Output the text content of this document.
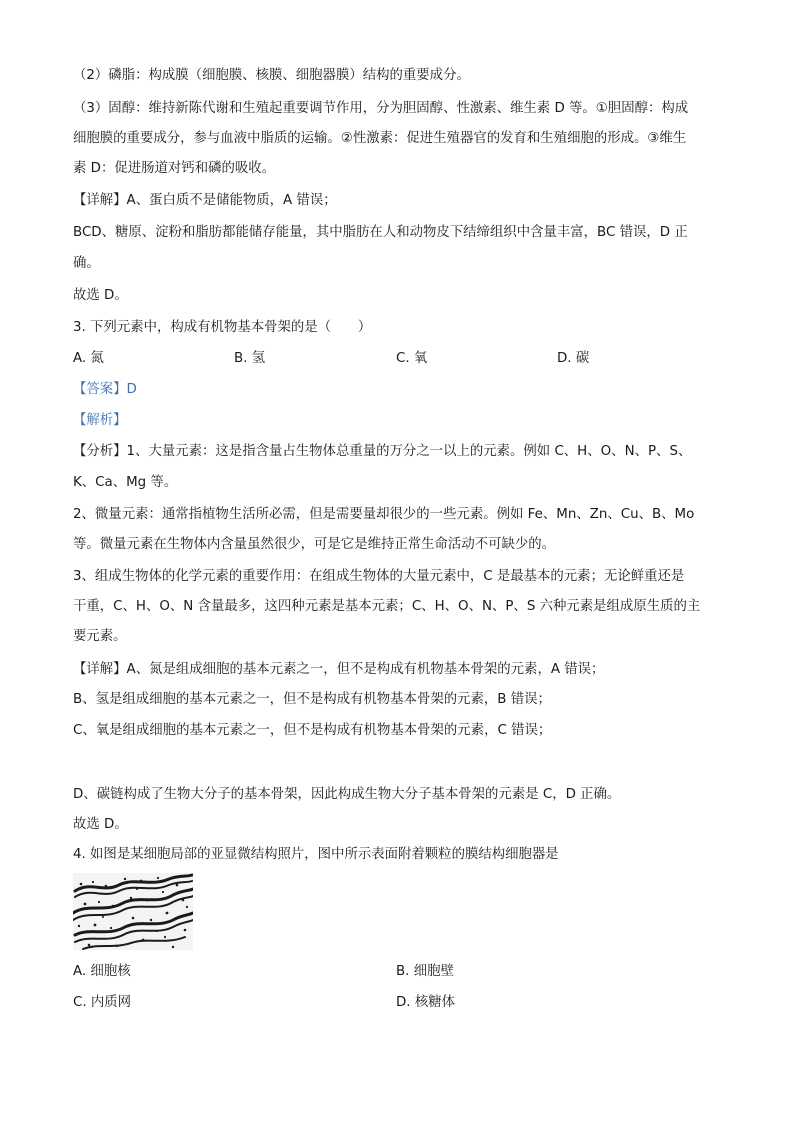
（2）磷脂：构成膜（细胞膜、核膜、细胞器膜）结构的重要成分。
（3）固醇：维持新陈代谢和生殖起重要调节作用，分为胆固醇、性激素、维生素 D 等。①胆固醇：构成
细胞膜的重要成分，参与血液中脂质的运输。②性激素：促进生殖器官的发育和生殖细胞的形成。③维生
素 D：促进肠道对钙和磷的吸收。
【详解】A、蛋白质不是储能物质，A 错误；
BCD、糖原、淀粉和脂肪都能储存能量，其中脂肪在人和动物皮下结缔组织中含量丰富，BC 错误，D 正
确。
故选 D。
3. 下列元素中，构成有机物基本骨架的是（　　）
A. 氮	B. 氢	C. 氧	D. 碳
【答案】D
【解析】
【分析】1、大量元素：这是指含量占生物体总重量的万分之一以上的元素。例如 C、H、O、N、P、S、
K、Ca、Mg 等。
2、微量元素：通常指植物生活所必需，但是需要量却很少的一些元素。例如 Fe、Mn、Zn、Cu、B、Mo
等。微量元素在生物体内含量虽然很少，可是它是维持正常生命活动不可缺少的。
3、组成生物体的化学元素的重要作用：在组成生物体的大量元素中，C 是最基本的元素；无论鲜重还是
干重，C、H、O、N 含量最多，这四种元素是基本元素；C、H、O、N、P、S 六种元素是组成原生质的主
要元素。
【详解】A、氮是组成细胞的基本元素之一，但不是构成有机物基本骨架的元素，A 错误；
B、氢是组成细胞的基本元素之一，但不是构成有机物基本骨架的元素，B 错误；
C、氧是组成细胞的基本元素之一，但不是构成有机物基本骨架的元素，C 错误；
D、碳链构成了生物大分子的基本骨架，因此构成生物大分子基本骨架的元素是 C，D 正确。
故选 D。
4. 如图是某细胞局部的亚显微结构照片，图中所示表面附着颗粒的膜结构细胞器是
A. 细胞核	B. 细胞壁
C. 内质网	D. 核糖体
